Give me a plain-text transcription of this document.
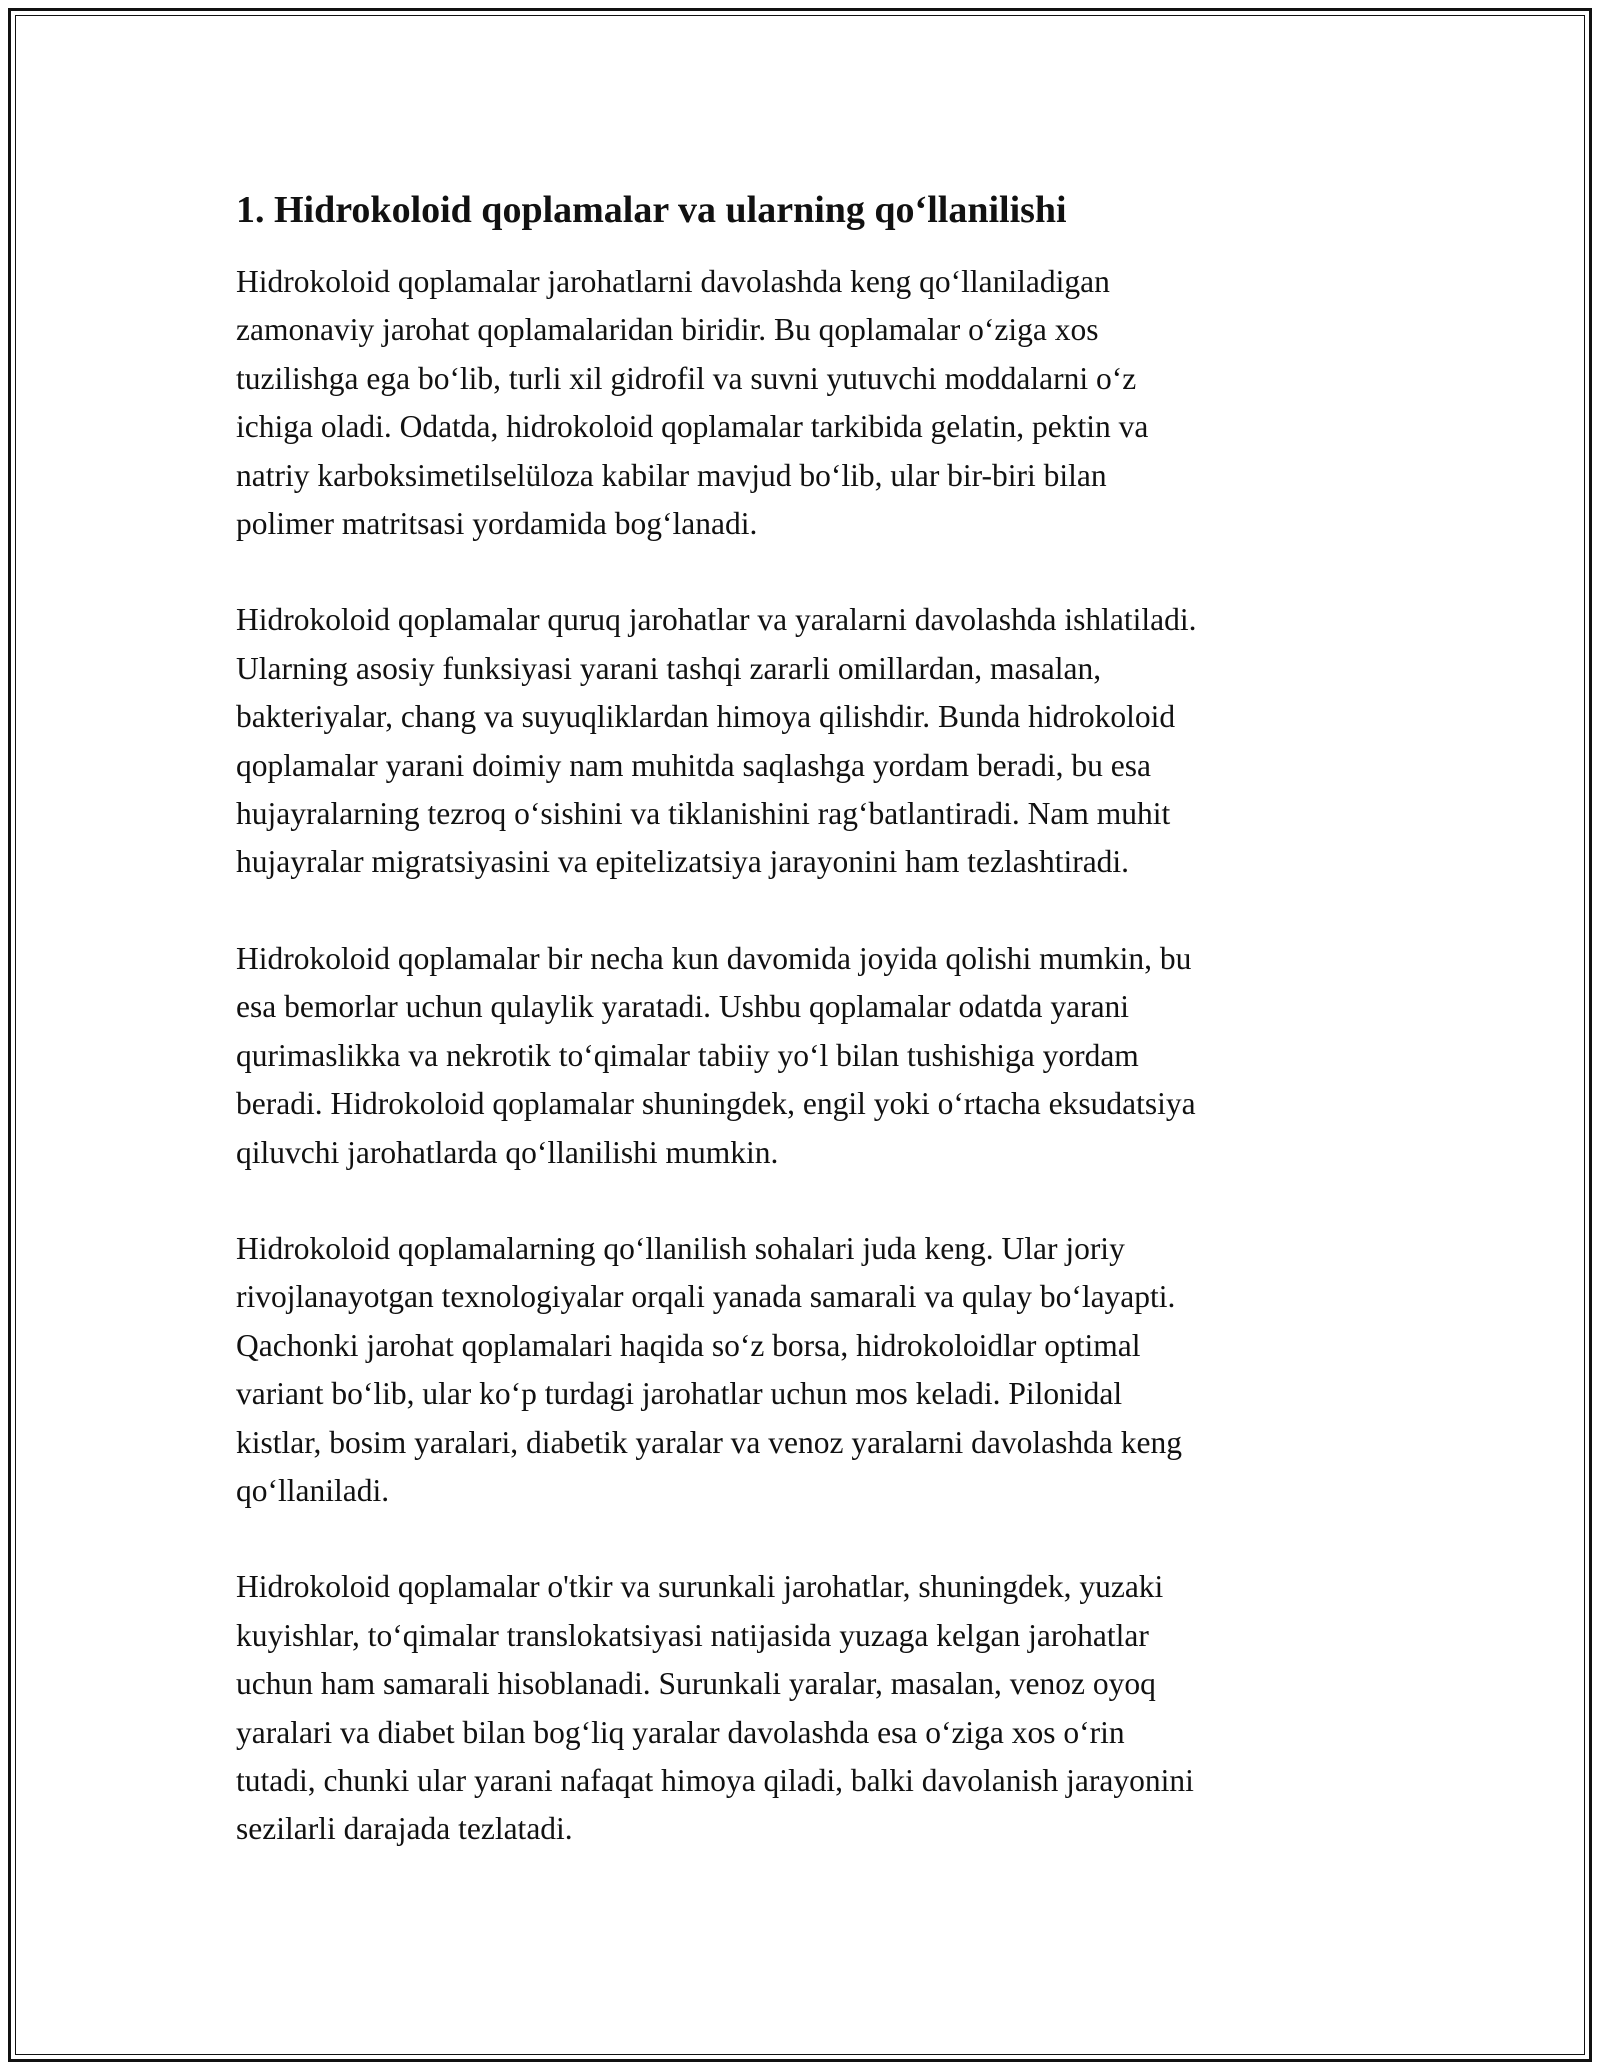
1. Hidrokoloid qoplamalar va ularning qo‘llanilishi

Hidrokoloid qoplamalar jarohatlarni davolashda keng qo‘llaniladigan
zamonaviy jarohat qoplamalaridan biridir. Bu qoplamalar o‘ziga xos
tuzilishga ega bo‘lib, turli xil gidrofil va suvni yutuvchi moddalarni o‘z
ichiga oladi. Odatda, hidrokoloid qoplamalar tarkibida gelatin, pektin va
natriy karboksimetilselüloza kabilar mavjud bo‘lib, ular bir-biri bilan
polimer matritsasi yordamida bog‘lanadi.

Hidrokoloid qoplamalar quruq jarohatlar va yaralarni davolashda ishlatiladi.
Ularning asosiy funksiyasi yarani tashqi zararli omillardan, masalan,
bakteriyalar, chang va suyuqliklardan himoya qilishdir. Bunda hidrokoloid
qoplamalar yarani doimiy nam muhitda saqlashga yordam beradi, bu esa
hujayralarning tezroq o‘sishini va tiklanishini rag‘batlantiradi. Nam muhit
hujayralar migratsiyasini va epitelizatsiya jarayonini ham tezlashtiradi.

Hidrokoloid qoplamalar bir necha kun davomida joyida qolishi mumkin, bu
esa bemorlar uchun qulaylik yaratadi. Ushbu qoplamalar odatda yarani
qurimaslikka va nekrotik to‘qimalar tabiiy yo‘l bilan tushishiga yordam
beradi. Hidrokoloid qoplamalar shuningdek, engil yoki o‘rtacha eksudatsiya
qiluvchi jarohatlarda qo‘llanilishi mumkin.

Hidrokoloid qoplamalarning qo‘llanilish sohalari juda keng. Ular joriy
rivojlanayotgan texnologiyalar orqali yanada samarali va qulay bo‘layapti.
Qachonki jarohat qoplamalari haqida so‘z borsa, hidrokoloidlar optimal
variant bo‘lib, ular ko‘p turdagi jarohatlar uchun mos keladi. Pilonidal
kistlar, bosim yaralari, diabetik yaralar va venoz yaralarni davolashda keng
qo‘llaniladi.

Hidrokoloid qoplamalar o'tkir va surunkali jarohatlar, shuningdek, yuzaki
kuyishlar, to‘qimalar translokatsiyasi natijasida yuzaga kelgan jarohatlar
uchun ham samarali hisoblanadi. Surunkali yaralar, masalan, venoz oyoq
yaralari va diabet bilan bog‘liq yaralar davolashda esa o‘ziga xos o‘rin
tutadi, chunki ular yarani nafaqat himoya qiladi, balki davolanish jarayonini
sezilarli darajada tezlatadi.
